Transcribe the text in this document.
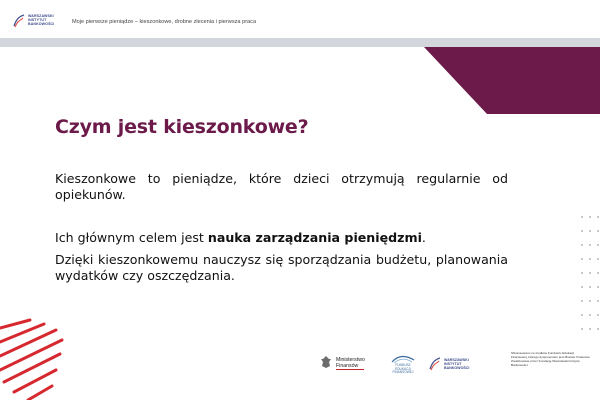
WARSZAWSKI
INSTYTUT
BANKOWOŚCI	Moje pierwsze pieniądze – kieszonkowe, drobne zlecenia i pierwsza praca
Czym jest kieszonkowe?
Kieszonkowe to pieniądze, które dzieci otrzymują regularnie od opiekunów.
Ich głównym celem jest nauka zarządzania pieniędzmi.
Dzięki kieszonkowemu nauczysz się sporządzania budżetu, planowania wydatków czy oszczędzania.
Ministerstwo
Finansów	FUNDUSZ
EDUKACJI
FINANSOWEJ
WARSZAWSKI
INSTYTUT
BANKOWOŚCI
Sfinansowano ze środków Funduszu Edukacji Finansowej, którego dysponentem jest Minister Finansów. Zrealizowane przez Fundację Warszawski Instytut Bankowości.
